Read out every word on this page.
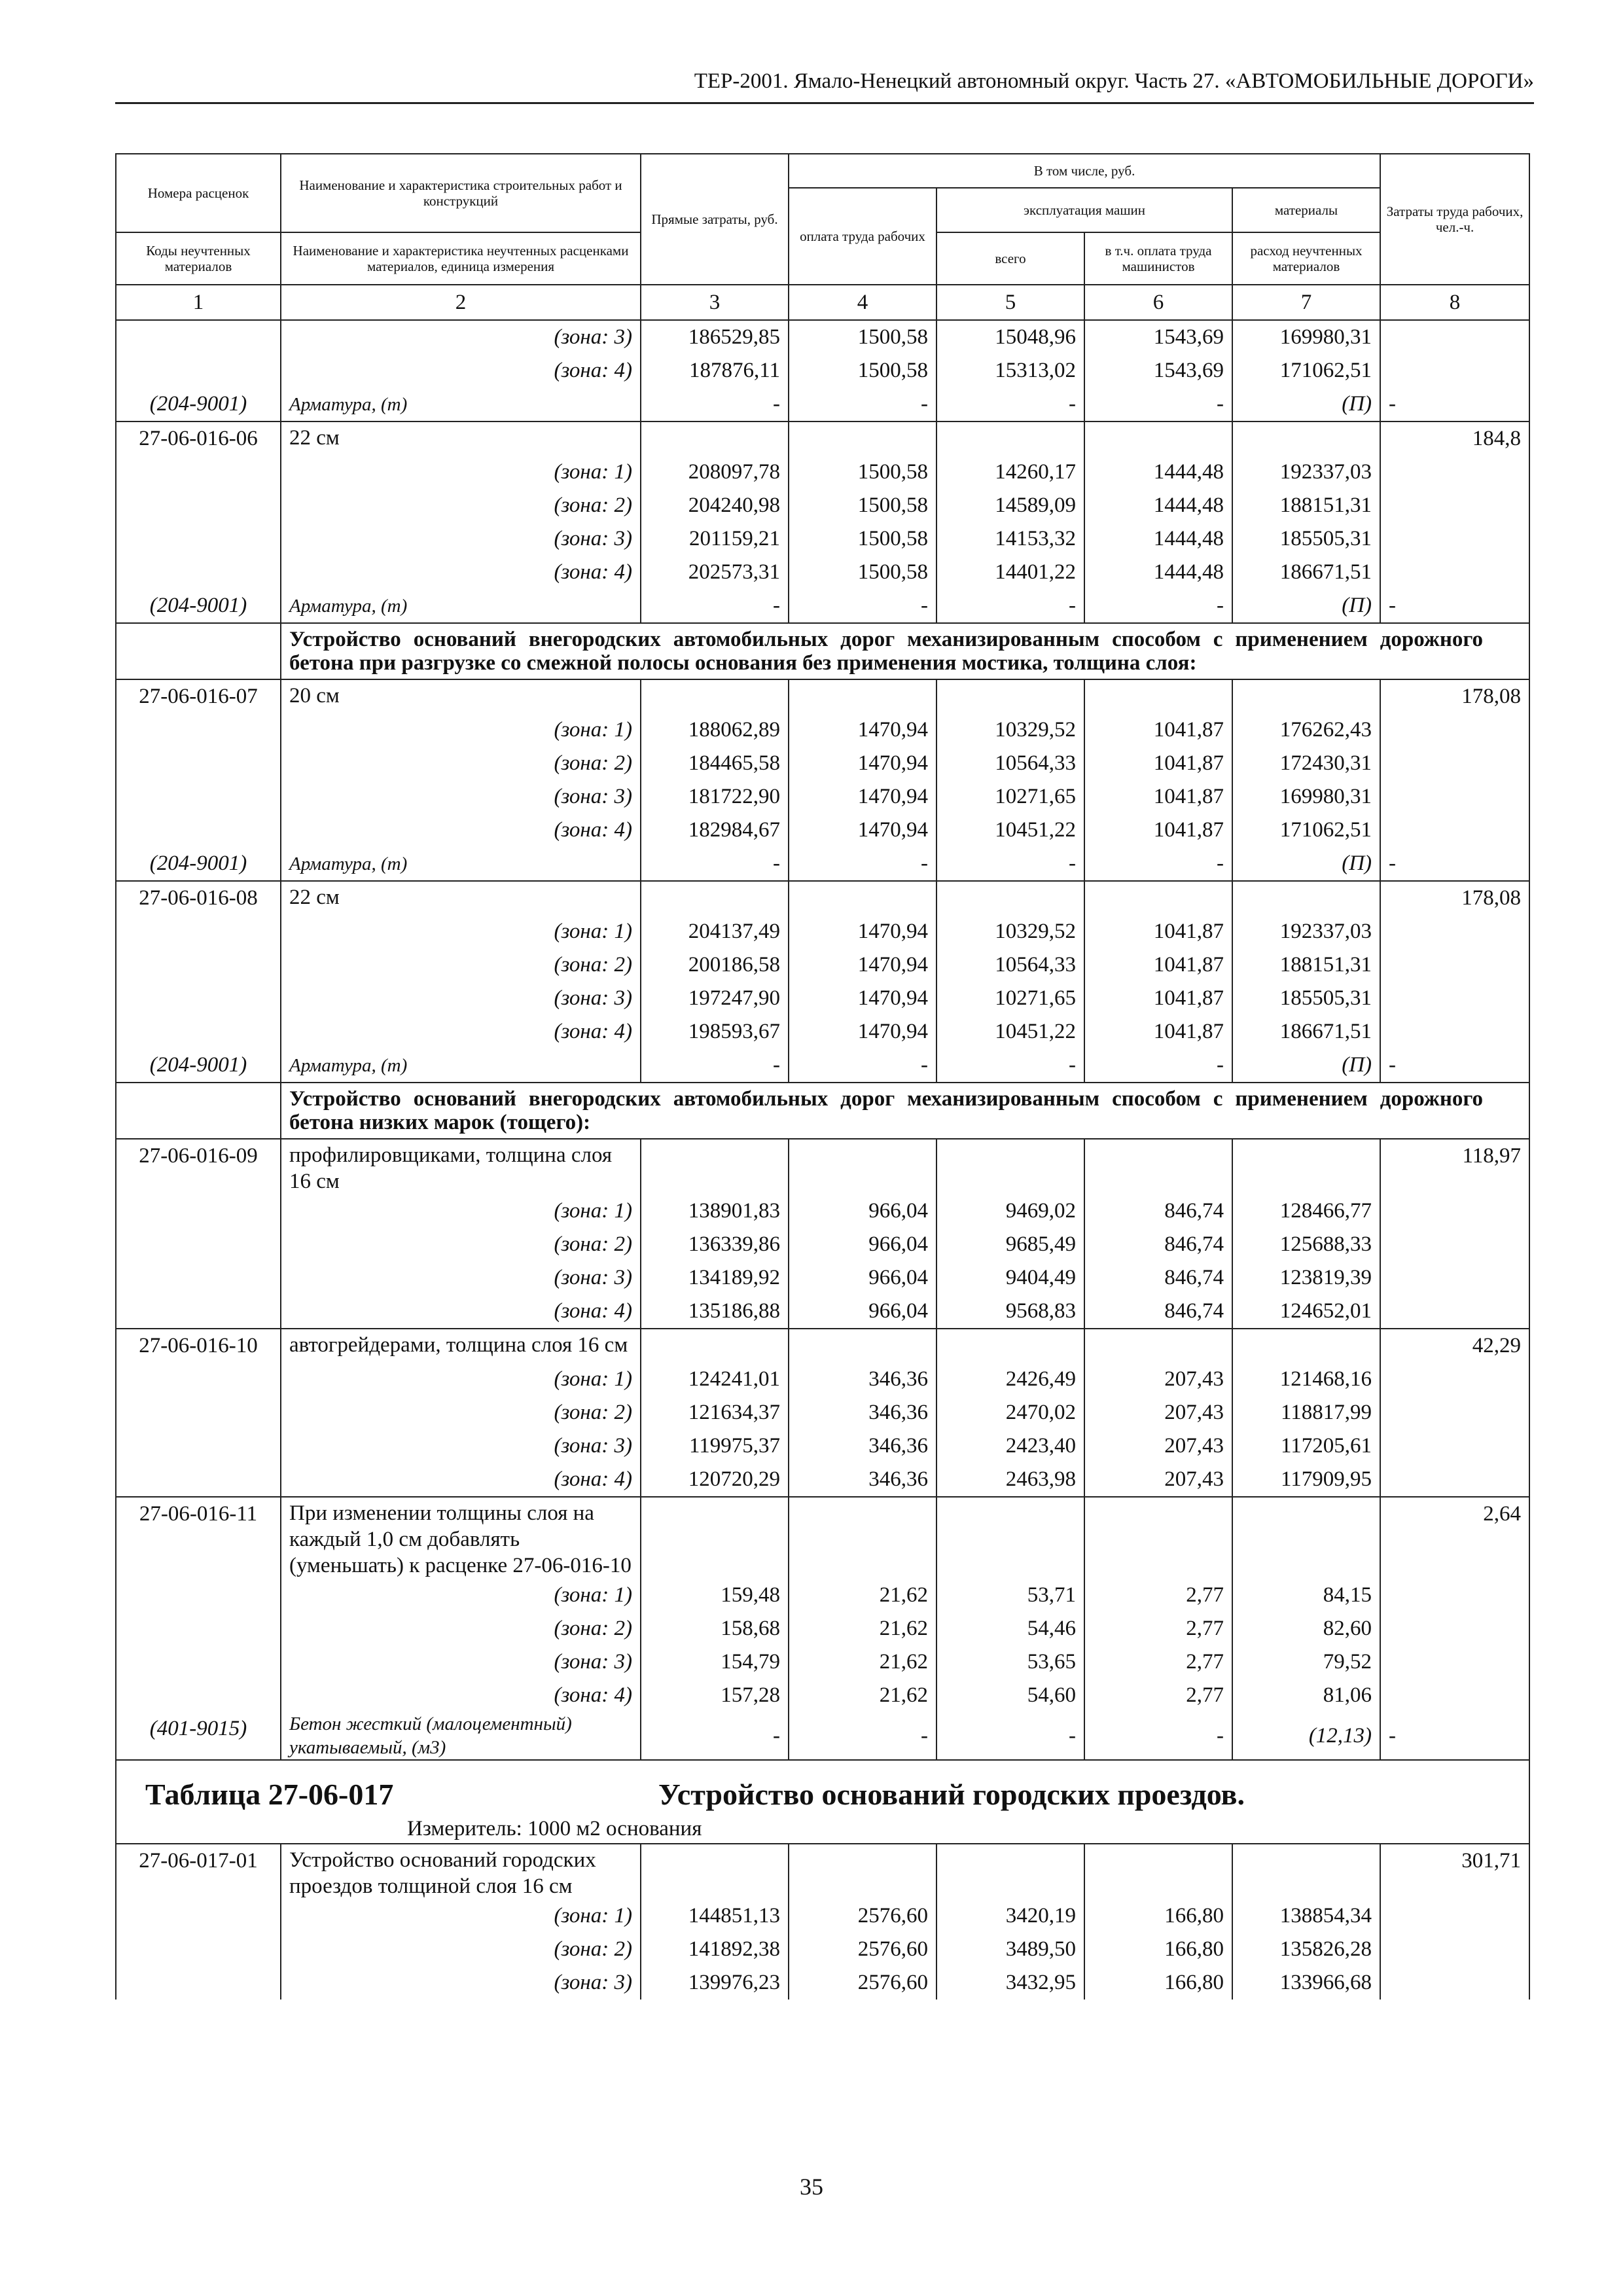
ТЕР-2001. Ямало-Ненецкий автономный округ. Часть 27. «АВТОМОБИЛЬНЫЕ ДОРОГИ»
Номера расценок	Наименование и характеристика строительных работ и конструкций	Прямые затраты, руб.	В том числе, руб.				Затраты труда рабочих, чел.-ч.
			оплата труда рабочих	эксплуатация машин		материалы	
Коды неучтенных материалов	Наименование и характеристика неучтенных расценками материалов, единица измерения			всего	в т.ч. оплата труда машинистов	расход неучтенных материалов	
1	2	3	4	5	6	7	8
	(зона: 3)	186529,85	1500,58	15048,96	1543,69	169980,31	
	(зона: 4)	187876,11	1500,58	15313,02	1543,69	171062,51	
(204-9001)	Арматура, (т)	-	-	-	-	(П)	-
27-06-016-06	22 см						184,8
	(зона: 1)	208097,78	1500,58	14260,17	1444,48	192337,03	
	(зона: 2)	204240,98	1500,58	14589,09	1444,48	188151,31	
	(зона: 3)	201159,21	1500,58	14153,32	1444,48	185505,31	
	(зона: 4)	202573,31	1500,58	14401,22	1444,48	186671,51	
(204-9001)	Арматура, (т)	-	-	-	-	(П)	-
	Устройство оснований внегородских автомобильных дорог механизированным способом с применением дорожного бетона при разгрузке со смежной полосы основания без применения мостика, толщина слоя:						
27-06-016-07	20 см						178,08
	(зона: 1)	188062,89	1470,94	10329,52	1041,87	176262,43	
	(зона: 2)	184465,58	1470,94	10564,33	1041,87	172430,31	
	(зона: 3)	181722,90	1470,94	10271,65	1041,87	169980,31	
	(зона: 4)	182984,67	1470,94	10451,22	1041,87	171062,51	
(204-9001)	Арматура, (т)	-	-	-	-	(П)	-
27-06-016-08	22 см						178,08
	(зона: 1)	204137,49	1470,94	10329,52	1041,87	192337,03	
	(зона: 2)	200186,58	1470,94	10564,33	1041,87	188151,31	
	(зона: 3)	197247,90	1470,94	10271,65	1041,87	185505,31	
	(зона: 4)	198593,67	1470,94	10451,22	1041,87	186671,51	
(204-9001)	Арматура, (т)	-	-	-	-	(П)	-
	Устройство оснований внегородских автомобильных дорог механизированным способом с применением дорожного бетона низких марок (тощего):						
27-06-016-09	профилировщиками, толщина слоя 16 см						118,97
	(зона: 1)	138901,83	966,04	9469,02	846,74	128466,77	
	(зона: 2)	136339,86	966,04	9685,49	846,74	125688,33	
	(зона: 3)	134189,92	966,04	9404,49	846,74	123819,39	
	(зона: 4)	135186,88	966,04	9568,83	846,74	124652,01	
27-06-016-10	автогрейдерами, толщина слоя 16 см						42,29
	(зона: 1)	124241,01	346,36	2426,49	207,43	121468,16	
	(зона: 2)	121634,37	346,36	2470,02	207,43	118817,99	
	(зона: 3)	119975,37	346,36	2423,40	207,43	117205,61	
	(зона: 4)	120720,29	346,36	2463,98	207,43	117909,95	
27-06-016-11	При изменении толщины слоя на каждый 1,0 см добавлять (уменьшать) к расценке 27-06-016-10						2,64
	(зона: 1)	159,48	21,62	53,71	2,77	84,15	
	(зона: 2)	158,68	21,62	54,46	2,77	82,60	
	(зона: 3)	154,79	21,62	53,65	2,77	79,52	
	(зона: 4)	157,28	21,62	54,60	2,77	81,06	
(401-9015)	Бетон жесткий (малоцементный) укатываемый, (м3)	-	-	-	-	(12,13)	-
Таблица 27-06-017 Устройство оснований городских проездов.
Измеритель: 1000 м2 основания							

27-06-017-01	Устройство оснований городских проездов толщиной слоя 16 см						301,71
	(зона: 1)	144851,13	2576,60	3420,19	166,80	138854,34	
	(зона: 2)	141892,38	2576,60	3489,50	166,80	135826,28	
	(зона: 3)	139976,23	2576,60	3432,95	166,80	133966,68	
35
